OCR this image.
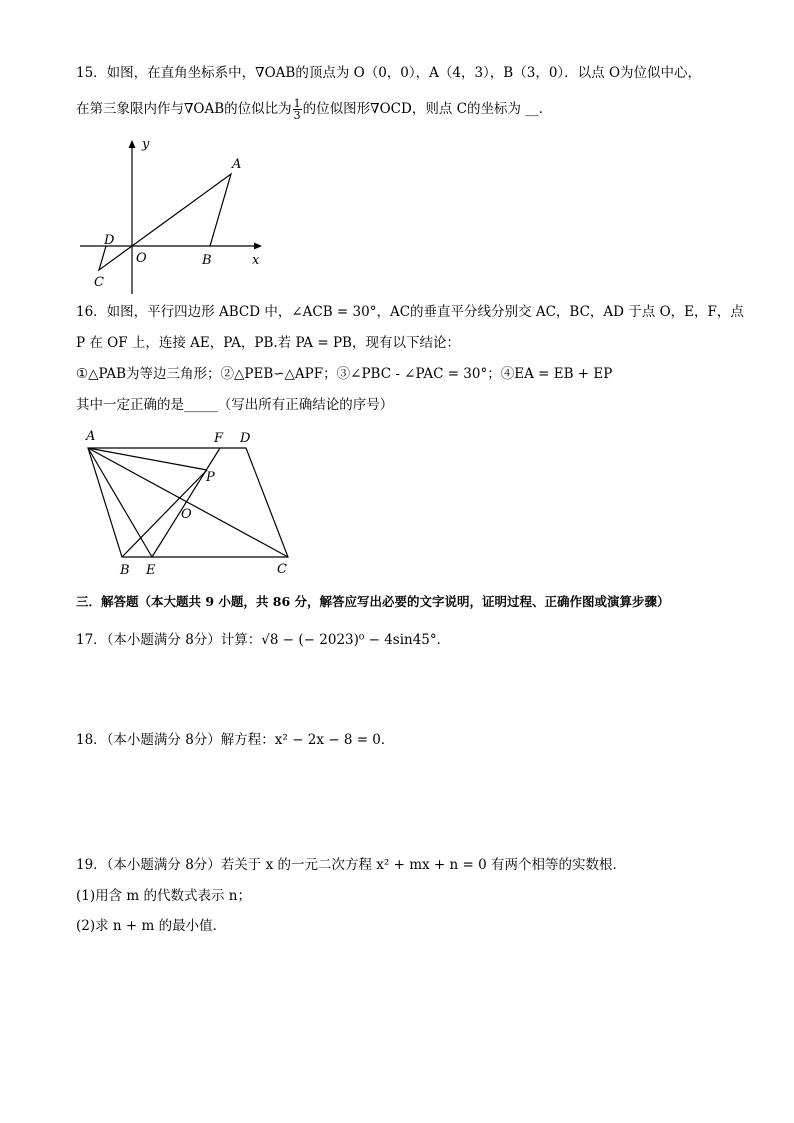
15．如图，在直角坐标系中，∇OAB的顶点为 O（0，0），A（4，3），B（3，0）．以点 O为位似中心，
在第三象限内作与∇OAB的位似比为 $\frac{1}{3}$ 的位似图形∇OCD，则点 C的坐标为 __．
y
x
A
B
O
D
C
16．如图，平行四边形 ABCD 中，∠ACB = 30°，AC的垂直平分线分别交 AC，BC，AD 于点 O，E，F，点
P 在 OF 上，连接 AE，PA，PB.若 PA = PB，现有以下结论：
①△PAB为等边三角形；②△PEB∽△APF；③∠PBC - ∠PAC = 30°；④EA = EB + EP
其中一定正确的是_____（写出所有正确结论的序号）
A	F D
P
O
B E	C
三．解答题（本大题共 9 小题，共 86 分，解答应写出必要的文字说明，证明过程、正确作图或演算步骤）
17．（本小题满分 8分）计算：√8 − (− 2023)⁰ − 4sin45°．
18．（本小题满分 8分）解方程：x² − 2x − 8 = 0．
19．（本小题满分 8分）若关于 x 的一元二次方程 x² + mx + n = 0 有两个相等的实数根．
(1)用含 m 的代数式表示 n；
(2)求 n + m 的最小值．
